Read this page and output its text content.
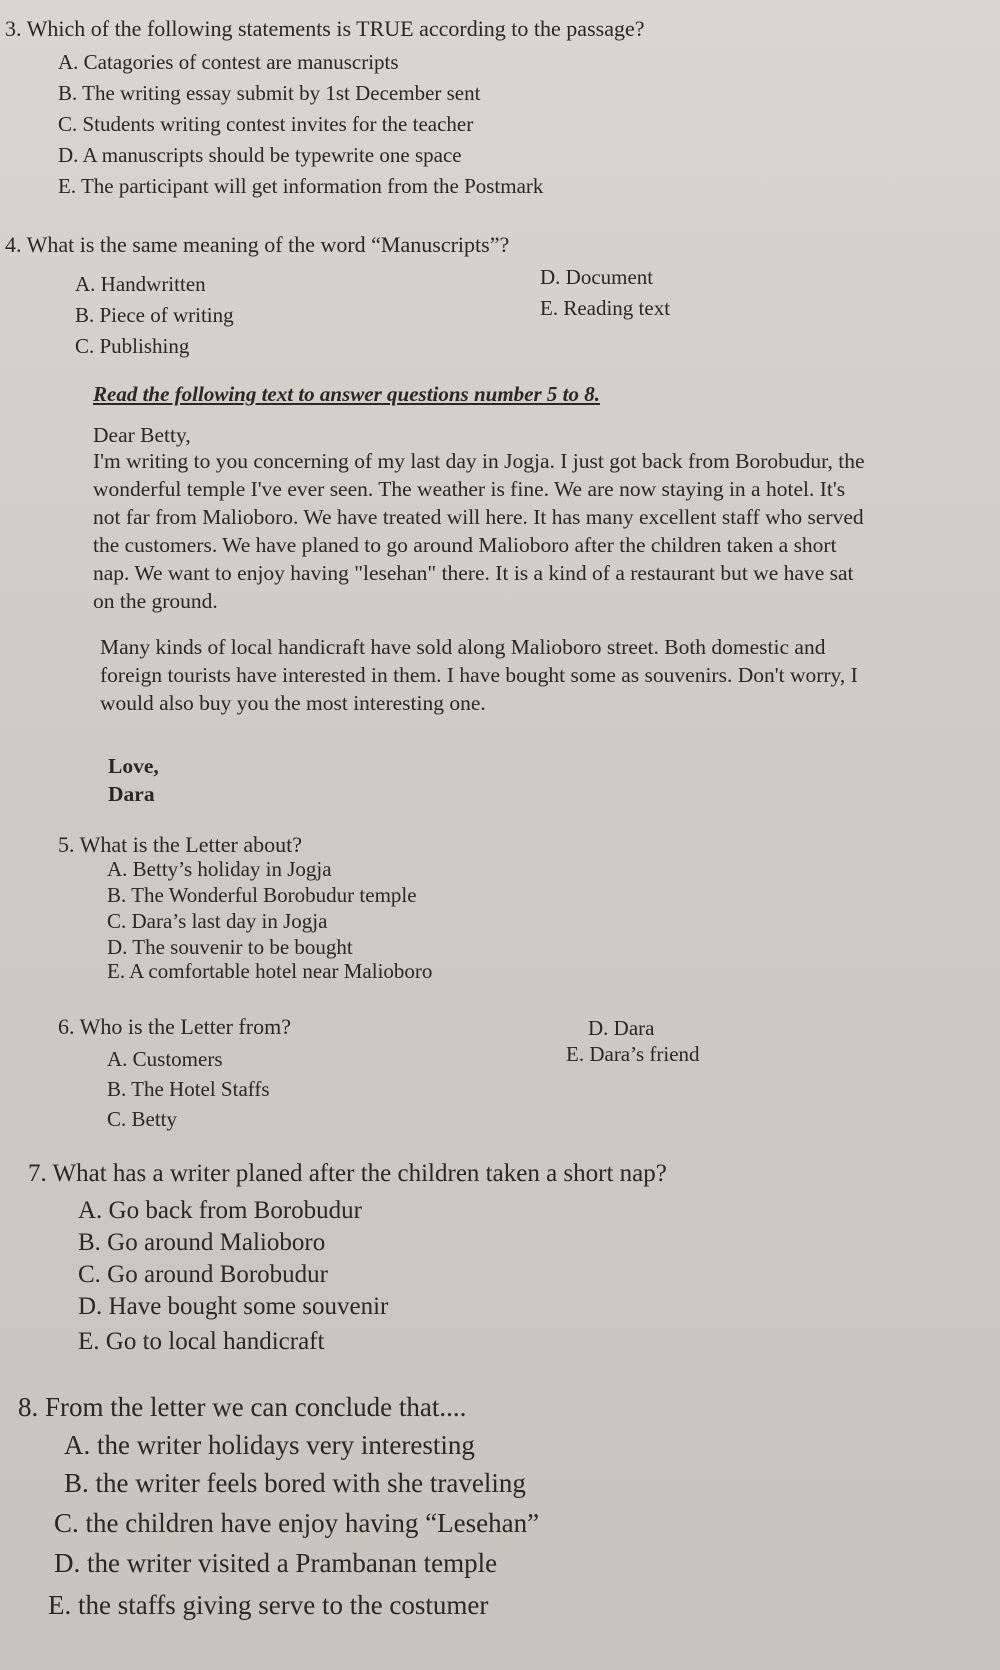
3. Which of the following statements is TRUE according to the passage?
A. Catagories of contest are manuscripts
B. The writing essay submit by 1st December sent
C. Students writing contest invites for the teacher
D. A manuscripts should be typewrite one space
E. The participant will get information from the Postmark
4. What is the same meaning of the word “Manuscripts”?
A. Handwritten
B. Piece of writing
C. Publishing
D. Document
E. Reading text
Read the following text to answer questions number 5 to 8.
Dear Betty,
I'm writing to you concerning of my last day in Jogja. I just got back from Borobudur, the
wonderful temple I've ever seen. The weather is fine. We are now staying in a hotel. It's
not far from Malioboro. We have treated will here. It has many excellent staff who served
the customers. We have planed to go around Malioboro after the children taken a short
nap. We want to enjoy having "lesehan" there. It is a kind of a restaurant but we have sat
on the ground.
Many kinds of local handicraft have sold along Malioboro street. Both domestic and
foreign tourists have interested in them. I have bought some as souvenirs. Don't worry, I
would also buy you the most interesting one.
Love,
Dara
5. What is the Letter about?
A. Betty’s holiday in Jogja
B. The Wonderful Borobudur temple
C. Dara’s last day in Jogja
D. The souvenir to be bought
E. A comfortable hotel near Malioboro
6. Who is the Letter from?
A. Customers
B. The Hotel Staffs
C. Betty
D. Dara
E. Dara’s friend
7. What has a writer planed after the children taken a short nap?
A. Go back from Borobudur
B. Go around Malioboro
C. Go around Borobudur
D. Have bought some souvenir
E. Go to local handicraft
8. From the letter we can conclude that....
A. the writer holidays very interesting
B. the writer feels bored with she traveling
C. the children have enjoy having “Lesehan”
D. the writer visited a Prambanan temple
E. the staffs giving serve to the costumer
